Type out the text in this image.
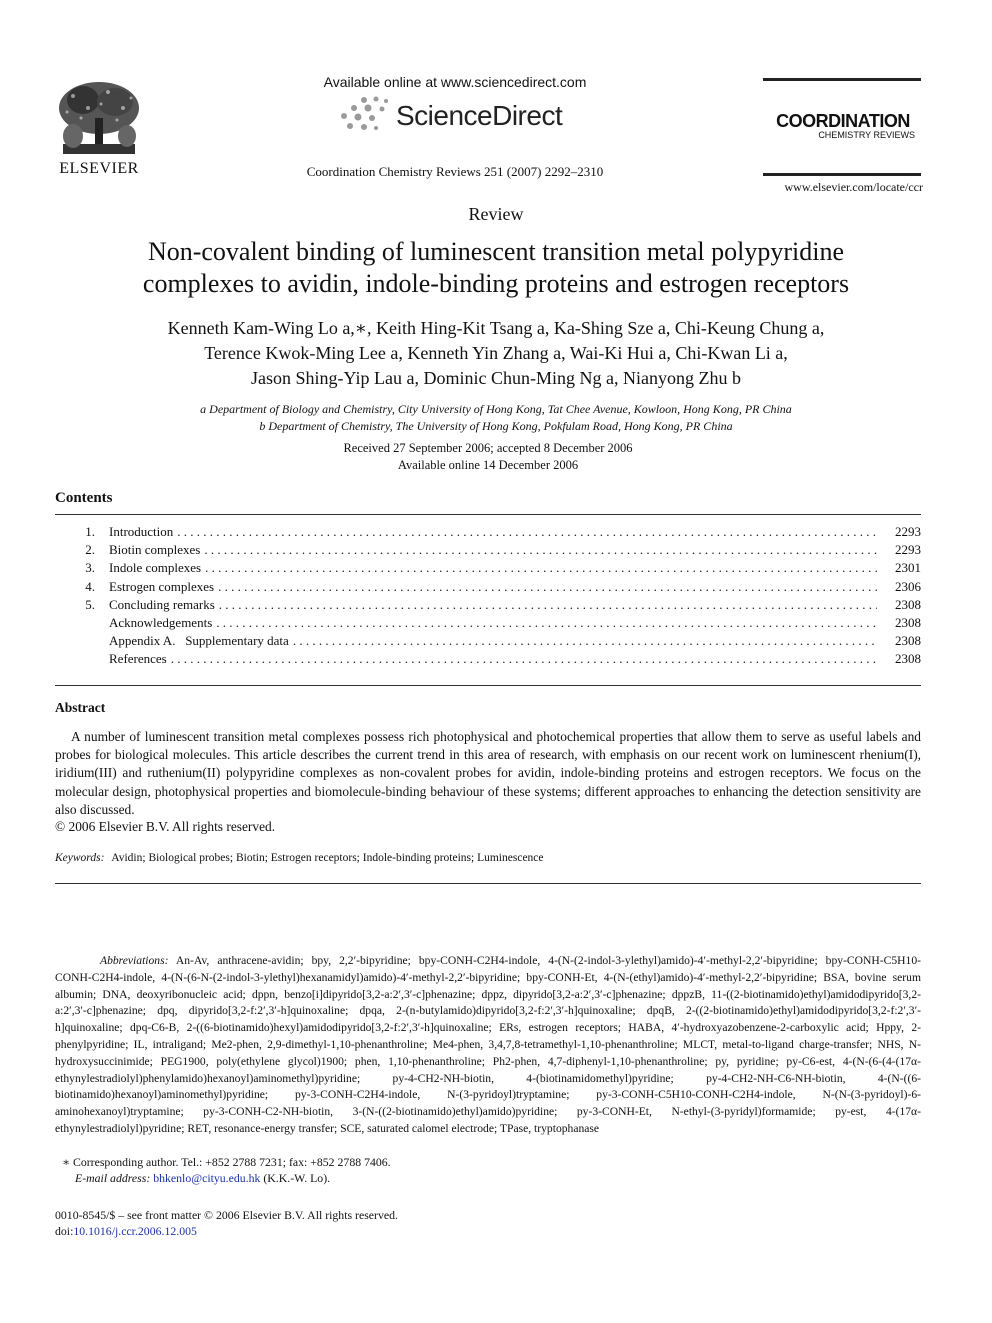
ELSEVIER
Available online at www.sciencedirect.com
ScienceDirect
Coordination Chemistry Reviews 251 (2007) 2292–2310
COORDINATION
CHEMISTRY REVIEWS
www.elsevier.com/locate/ccr
Review
Non-covalent binding of luminescent transition metal polypyridine
complexes to avidin, indole-binding proteins and estrogen receptors
Kenneth Kam-Wing Lo a,∗, Keith Hing-Kit Tsang a, Ka-Shing Sze a, Chi-Keung Chung a,
Terence Kwok-Ming Lee a, Kenneth Yin Zhang a, Wai-Ki Hui a, Chi-Kwan Li a,
Jason Shing-Yip Lau a, Dominic Chun-Ming Ng a, Nianyong Zhu b
a Department of Biology and Chemistry, City University of Hong Kong, Tat Chee Avenue, Kowloon, Hong Kong, PR China
b Department of Chemistry, The University of Hong Kong, Pokfulam Road, Hong Kong, PR China
Received 27 September 2006; accepted 8 December 2006
Available online 14 December 2006
Contents
1.	Introduction . . .	2293
2.	Biotin complexes . . .	2293
3.	Indole complexes . . .	2301
4.	Estrogen complexes . . .	2306
5.	Concluding remarks . . .	2308
Acknowledgements . . .	2308
Appendix A.   Supplementary data . . .	2308
References . . .	2308
Abstract
A number of luminescent transition metal complexes possess rich photophysical and photochemical properties that allow them to serve as useful labels and probes for biological molecules. This article describes the current trend in this area of research, with emphasis on our recent work on luminescent rhenium(I), iridium(III) and ruthenium(II) polypyridine complexes as non-covalent probes for avidin, indole-binding proteins and estrogen receptors. We focus on the molecular design, photophysical properties and biomolecule-binding behaviour of these systems; different approaches to enhancing the detection sensitivity are also discussed.
© 2006 Elsevier B.V. All rights reserved.
Keywords: Avidin; Biological probes; Biotin; Estrogen receptors; Indole-binding proteins; Luminescence
Abbreviations: An-Av, anthracene-avidin; bpy, 2,2′-bipyridine; bpy-CONH-C2H4-indole, 4-(N-(2-indol-3-ylethyl)amido)-4′-methyl-2,2′-bipyridine; bpy-CONH-C5H10-CONH-C2H4-indole, 4-(N-(6-N-(2-indol-3-ylethyl)hexanamidyl)amido)-4′-methyl-2,2′-bipyridine; bpy-CONH-Et, 4-(N-(ethyl)amido)-4′-methyl-2,2′-bipyridine; BSA, bovine serum albumin; DNA, deoxyribonucleic acid; dppn, benzo[i]dipyrido[3,2-a:2′,3′-c]phenazine; dppz, dipyrido[3,2-a:2′,3′-c]phenazine; dppzB, 11-((2-biotinamido)ethyl)amidodipyrido[3,2-a:2′,3′-c]phenazine; dpq, dipyrido[3,2-f:2′,3′-h]quinoxaline; dpqa, 2-(n-butylamido)dipyrido[3,2-f:2′,3′-h]quinoxaline; dpqB, 2-((2-biotinamido)ethyl)amidodipyrido[3,2-f:2′,3′-h]quinoxaline; dpq-C6-B, 2-((6-biotinamido)hexyl)amidodipyrido[3,2-f:2′,3′-h]quinoxaline; ERs, estrogen receptors; HABA, 4′-hydroxyazobenzene-2-carboxylic acid; Hppy, 2-phenylpyridine; IL, intraligand; Me2-phen, 2,9-dimethyl-1,10-phenanthroline; Me4-phen, 3,4,7,8-tetramethyl-1,10-phenanthroline; MLCT, metal-to-ligand charge-transfer; NHS, N-hydroxysuccinimide; PEG1900, poly(ethylene glycol)1900; phen, 1,10-phenanthroline; Ph2-phen, 4,7-diphenyl-1,10-phenanthroline; py, pyridine; py-C6-est, 4-(N-(6-(4-(17α-ethynylestradiolyl)phenylamido)hexanoyl)aminomethyl)pyridine; py-4-CH2-NH-biotin, 4-(biotinamidomethyl)pyridine; py-4-CH2-NH-C6-NH-biotin, 4-(N-((6-biotinamido)hexanoyl)aminomethyl)pyridine; py-3-CONH-C2H4-indole, N-(3-pyridoyl)tryptamine; py-3-CONH-C5H10-CONH-C2H4-indole, N-(N-(3-pyridoyl)-6-aminohexanoyl)tryptamine; py-3-CONH-C2-NH-biotin, 3-(N-((2-biotinamido)ethyl)amido)pyridine; py-3-CONH-Et, N-ethyl-(3-pyridyl)formamide; py-est, 4-(17α-ethynylestradiolyl)pyridine; RET, resonance-energy transfer; SCE, saturated calomel electrode; TPase, tryptophanase
∗ Corresponding author. Tel.: +852 2788 7231; fax: +852 2788 7406.
E-mail address: bhkenlo@cityu.edu.hk (K.K.-W. Lo).
0010-8545/$ – see front matter © 2006 Elsevier B.V. All rights reserved.
doi:10.1016/j.ccr.2006.12.005
